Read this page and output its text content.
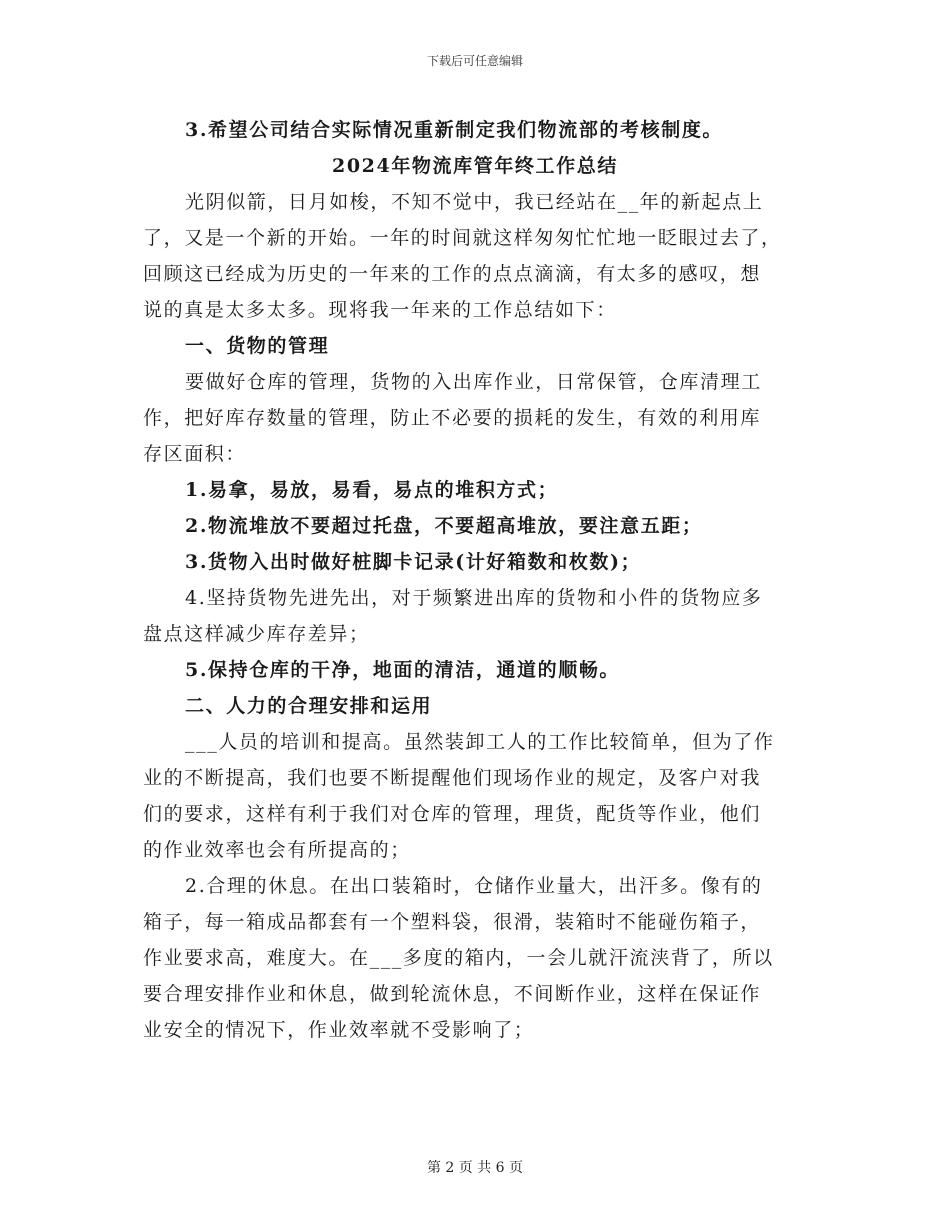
下载后可任意编辑
3.希望公司结合实际情况重新制定我们物流部的考核制度。
2024年物流库管年终工作总结
光阴似箭，日月如梭，不知不觉中，我已经站在__年的新起点上
了，又是一个新的开始。一年的时间就这样匆匆忙忙地一眨眼过去了，
回顾这已经成为历史的一年来的工作的点点滴滴，有太多的感叹，想
说的真是太多太多。现将我一年来的工作总结如下：
一、货物的管理
要做好仓库的管理，货物的入出库作业，日常保管，仓库清理工
作，把好库存数量的管理，防止不必要的损耗的发生，有效的利用库
存区面积：
1.易拿，易放，易看，易点的堆积方式；
2.物流堆放不要超过托盘，不要超高堆放，要注意五距；
3.货物入出时做好桩脚卡记录(计好箱数和枚数)；
4.坚持货物先进先出，对于频繁进出库的货物和小件的货物应多
盘点这样减少库存差异；
5.保持仓库的干净，地面的清洁，通道的顺畅。
二、人力的合理安排和运用
___人员的培训和提高。虽然装卸工人的工作比较简单，但为了作
业的不断提高，我们也要不断提醒他们现场作业的规定，及客户对我
们的要求，这样有利于我们对仓库的管理，理货，配货等作业，他们
的作业效率也会有所提高的；
2.合理的休息。在出口装箱时，仓储作业量大，出汗多。像有的
箱子，每一箱成品都套有一个塑料袋，很滑，装箱时不能碰伤箱子，
作业要求高，难度大。在___多度的箱内，一会儿就汗流浃背了，所以
要合理安排作业和休息，做到轮流休息，不间断作业，这样在保证作
业安全的情况下，作业效率就不受影响了；
第 2 页 共 6 页
